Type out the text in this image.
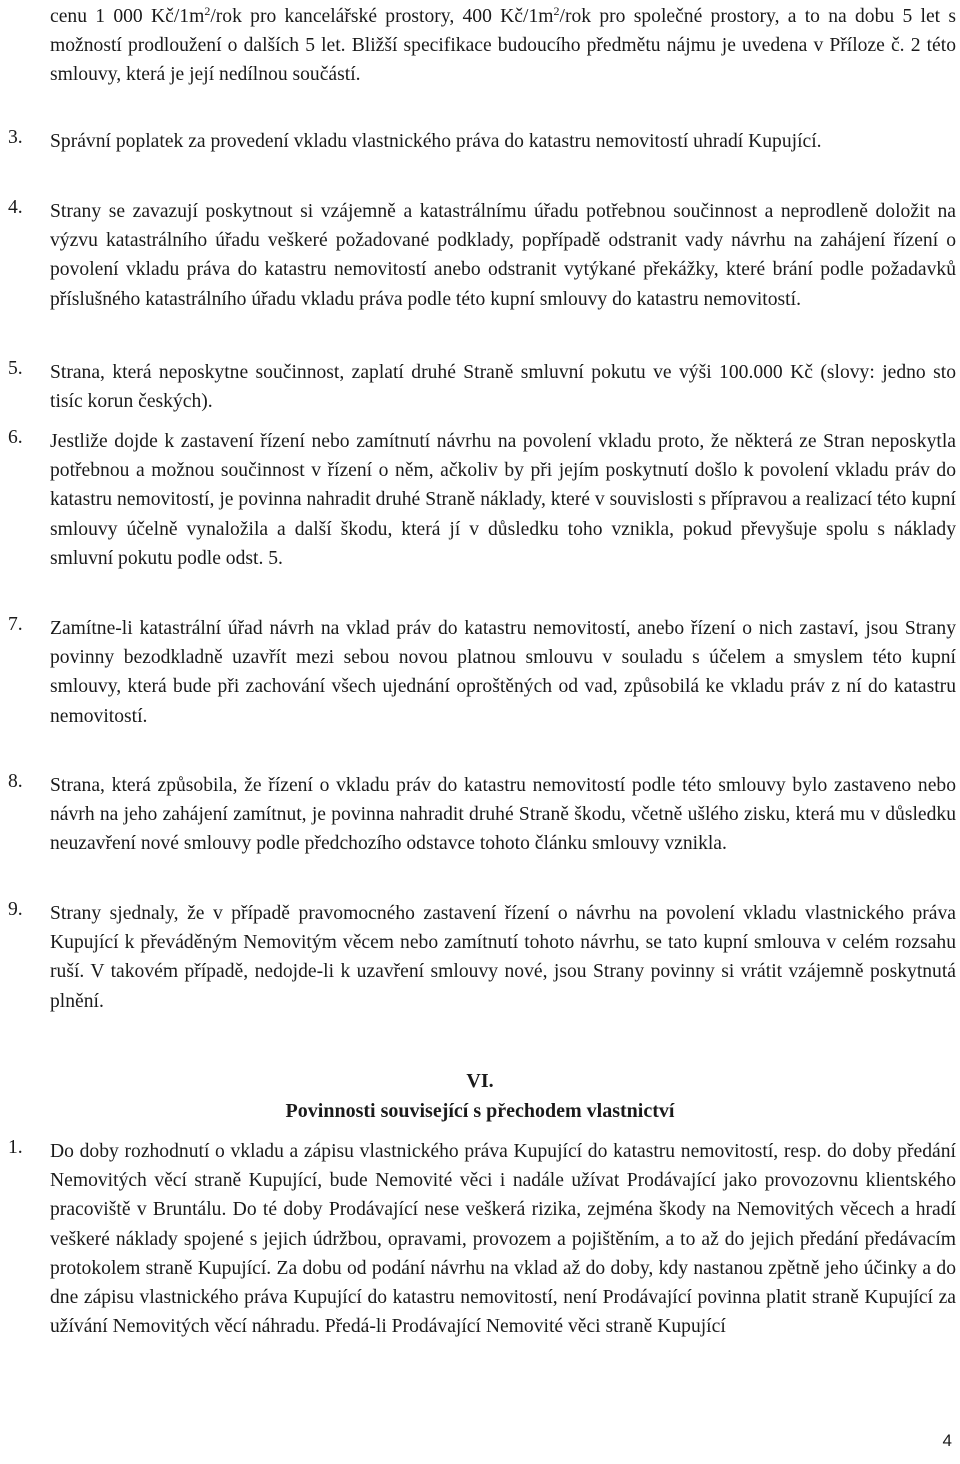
cenu 1 000 $Kč/1m^2$/rok pro kancelářské prostory, 400 $Kč/1m^2$/rok pro společné prostory, a to na dobu 5 let s možností prodloužení o dalších 5 let. Bližší specifikace budoucího předmětu nájmu je uvedena v Příloze č. 2 této smlouvy, která je její nedílnou součástí.
3. Správní poplatek za provedení vkladu vlastnického práva do katastru nemovitostí uhradí Kupující.
4. Strany se zavazují poskytnout si vzájemně a katastrálnímu úřadu potřebnou součinnost a neprodleně doložit na výzvu katastrálního úřadu veškeré požadované podklady, popřípadě odstranit vady návrhu na zahájení řízení o povolení vkladu práva do katastru nemovitostí anebo odstranit vytýkané překážky, které brání podle požadavků příslušného katastrálního úřadu vkladu práva podle této kupní smlouvy do katastru nemovitostí.
5. Strana, která neposkytne součinnost, zaplatí druhé Straně smluvní pokutu ve výši 100.000 Kč (slovy: jedno sto tisíc korun českých).
6. Jestliže dojde k zastavení řízení nebo zamítnutí návrhu na povolení vkladu proto, že některá ze Stran neposkytla potřebnou a možnou součinnost v řízení o něm, ačkoliv by při jejím poskytnutí došlo k povolení vkladu práv do katastru nemovitostí, je povinna nahradit druhé Straně náklady, které v souvislosti s přípravou a realizací této kupní smlouvy účelně vynaložila a další škodu, která jí v důsledku toho vznikla, pokud převyšuje spolu s náklady smluvní pokutu podle odst. 5.
7. Zamítne-li katastrální úřad návrh na vklad práv do katastru nemovitostí, anebo řízení o nich zastaví, jsou Strany povinny bezodkladně uzavřít mezi sebou novou platnou smlouvu v souladu s účelem a smyslem této kupní smlouvy, která bude při zachování všech ujednání oproštěných od vad, způsobilá ke vkladu práv z ní do katastru nemovitostí.
8. Strana, která způsobila, že řízení o vkladu práv do katastru nemovitostí podle této smlouvy bylo zastaveno nebo návrh na jeho zahájení zamítnut, je povinna nahradit druhé Straně škodu, včetně ušlého zisku, která mu v důsledku neuzavření nové smlouvy podle předchozího odstavce tohoto článku smlouvy vznikla.
9. Strany sjednaly, že v případě pravomocného zastavení řízení o návrhu na povolení vkladu vlastnického práva Kupující k převáděným Nemovitým věcem nebo zamítnutí tohoto návrhu, se tato kupní smlouva v celém rozsahu ruší. V takovém případě, nedojde-li k uzavření smlouvy nové, jsou Strany povinny si vrátit vzájemně poskytnutá plnění.
VI.
Povinnosti související s přechodem vlastnictví
1. Do doby rozhodnutí o vkladu a zápisu vlastnického práva Kupující do katastru nemovitostí, resp. do doby předání Nemovitých věcí straně Kupující, bude Nemovité věci i nadále užívat Prodávající jako provozovnu klientského pracoviště v Bruntálu. Do té doby Prodávající nese veškerá rizika, zejména škody na Nemovitých věcech a hradí veškeré náklady spojené s jejich údržbou, opravami, provozem a pojištěním, a to až do jejich předání předávacím protokolem straně Kupující. Za dobu od podání návrhu na vklad až do doby, kdy nastanou zpětně jeho účinky a do dne zápisu vlastnického práva Kupující do katastru nemovitostí, není Prodávající povinna platit straně Kupující za užívání Nemovitých věcí náhradu. Předá-li Prodávající Nemovité věci straně Kupující
4
